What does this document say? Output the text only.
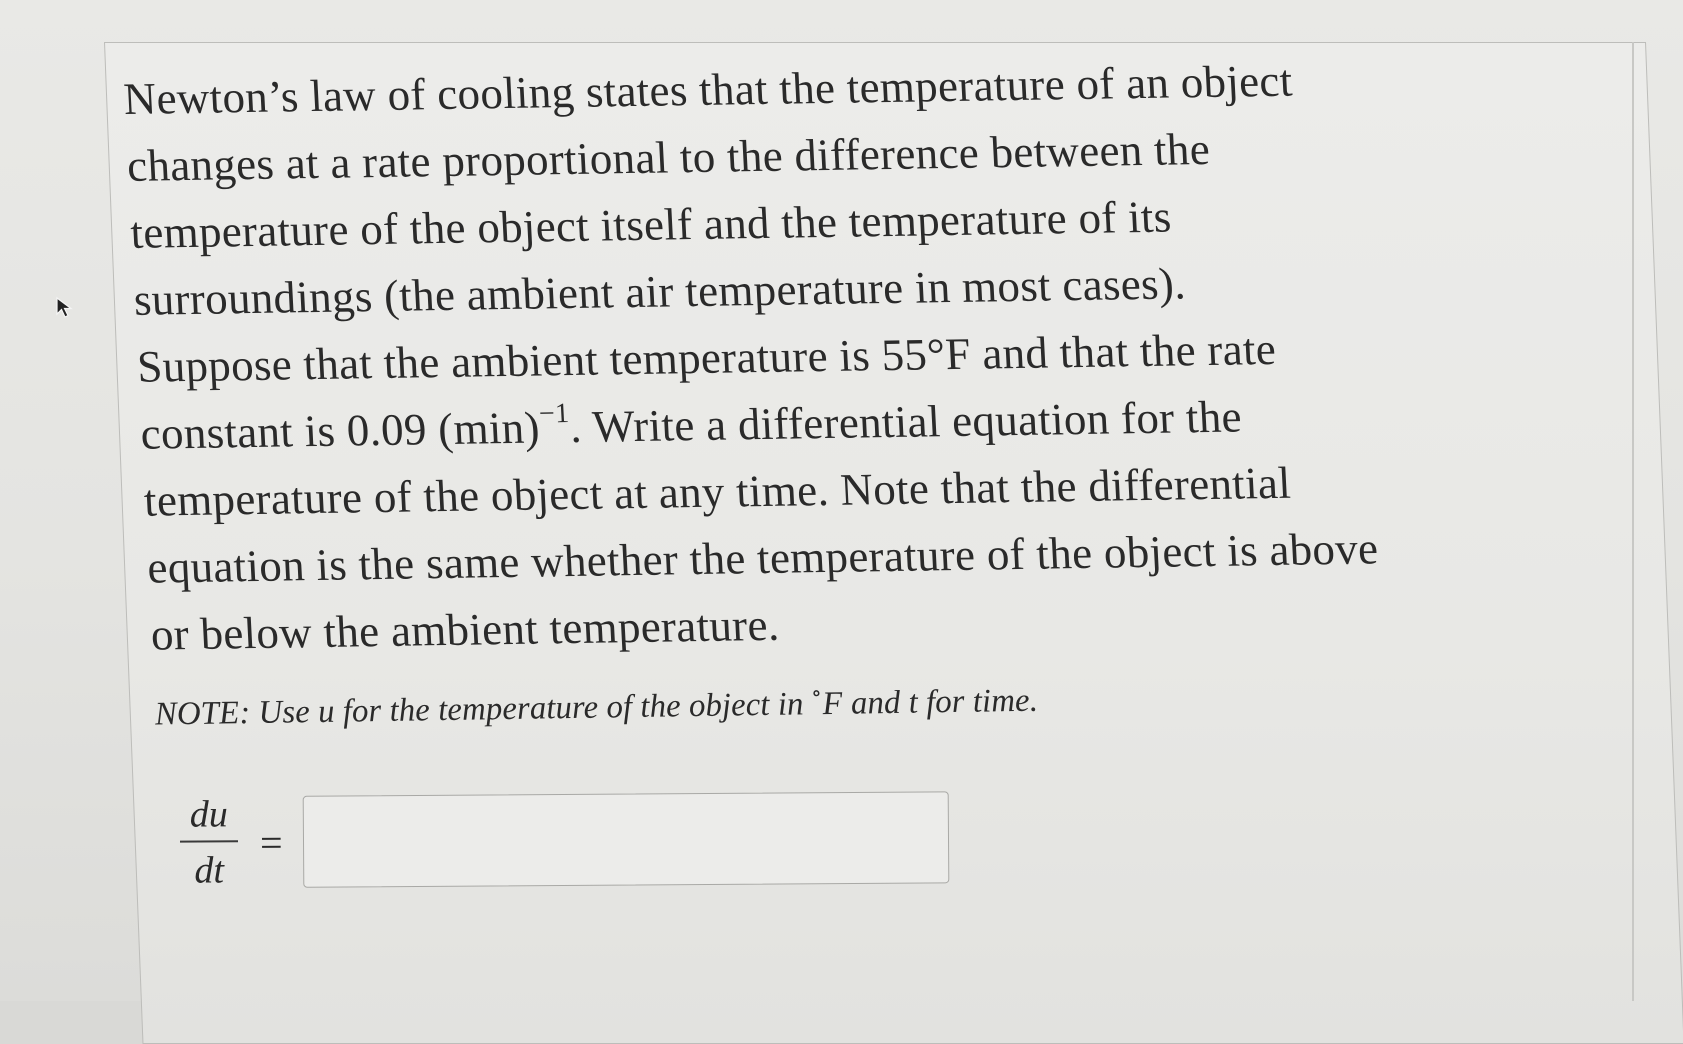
Newton’s law of cooling states that the temperature of an object
changes at a rate proportional to the difference between the
temperature of the object itself and the temperature of its
surroundings (the ambient air temperature in most cases).
Suppose that the ambient temperature is 55°F and that the rate
constant is 0.09 $(\min)^{-1}$. Write a differential equation for the
temperature of the object at any time. Note that the differential
equation is the same whether the temperature of the object is above
or below the ambient temperature.

NOTE: Use u for the temperature of the object in ∘F and t for time.
$\frac{du}{dt}$ =
